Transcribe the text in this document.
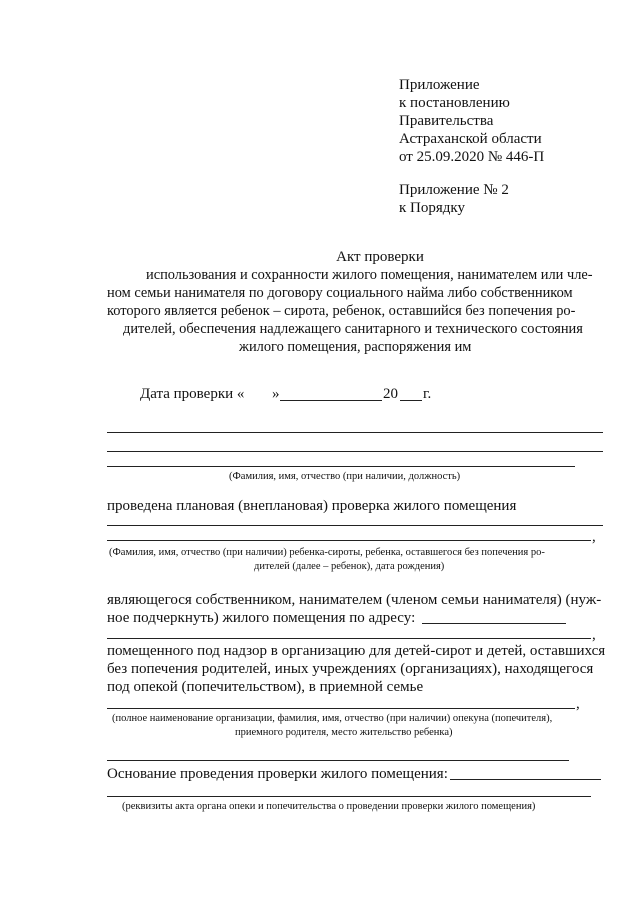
Приложение
к постановлению
Правительства
Астраханской области
от 25.09.2020 № 446-П
Приложение № 2
к Порядку
Акт проверки
использования и сохранности жилого помещения, нанимателем или чле-
ном семьи нанимателя по договору социального найма либо собственником
которого является ребенок – сирота, ребенок, оставшийся без попечения ро-
дителей, обеспечения надлежащего санитарного и технического состояния
жилого помещения, распоряжения им
Дата проверки « »	20 г.
(Фамилия, имя, отчество (при наличии, должность)
проведена плановая (внеплановая) проверка жилого помещения
,
(Фамилия, имя, отчество (при наличии) ребенка-сироты, ребенка, оставшегося без попечения ро-
дителей (далее – ребенок), дата рождения)
являющегося собственником, нанимателем (членом семьи нанимателя) (нуж-
ное подчеркнуть) жилого помещения по адресу:
,
помещенного под надзор в организацию для детей-сирот и детей, оставшихся
без попечения родителей, иных учреждениях (организациях), находящегося
под опекой (попечительством), в приемной семье
,
(полное наименование организации, фамилия, имя, отчество (при наличии) опекуна (попечителя),
приемного родителя, место жительство ребенка)
Основание проведения проверки жилого помещения:
(реквизиты акта органа опеки и попечительства о проведении проверки жилого помещения)
